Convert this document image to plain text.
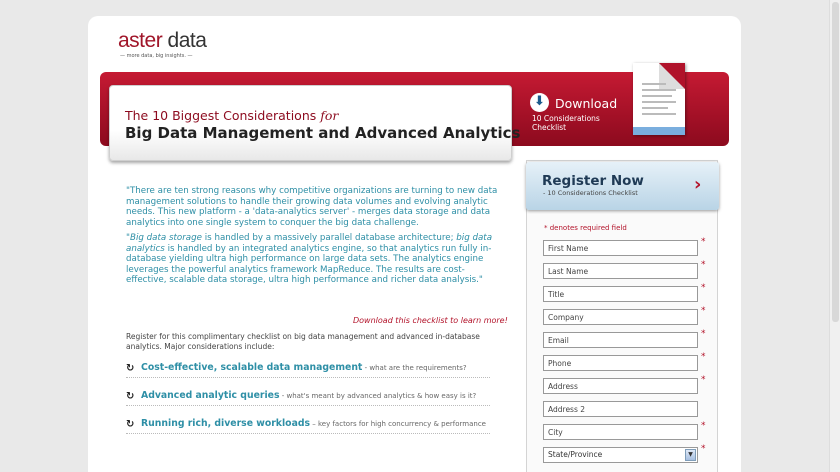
aster data
— more data, big insights. —
The 10 Biggest Considerations for
Big Data Management and Advanced Analytics
⬇ Download
10 Considerations Checklist

"There are ten strong reasons why competitive organizations are turning to new data management solutions to handle their growing data volumes and evolving analytic needs. This new platform - a 'data-analytics server' - merges data storage and data analytics into one single system to conquer the big data challenge.

"Big data storage is handled by a massively parallel database architecture; big data analytics is handled by an integrated analytics engine, so that analytics run fully in-database yielding ultra high performance on large data sets. The analytics engine leverages the powerful analytics framework MapReduce. The results are cost-effective, scalable data storage, ultra high performance and richer data analysis."

Download this checklist to learn more!
Register for this complimentary checklist on big data management and advanced in-database analytics. Major considerations include:
↻ Cost-effective, scalable data management - what are the requirements?
↻ Advanced analytic queries - what's meant by advanced analytics & how easy is it?
↻ Running rich, diverse workloads – key factors for high concurrency & performance
Register Now
- 10 Considerations Checklist	›
* denotes required field
First Name
*
Last Name
*
Title
*
Company
*
Email
*
Phone
*
Address
*
Address 2
City
*
State/Province	▼
*
